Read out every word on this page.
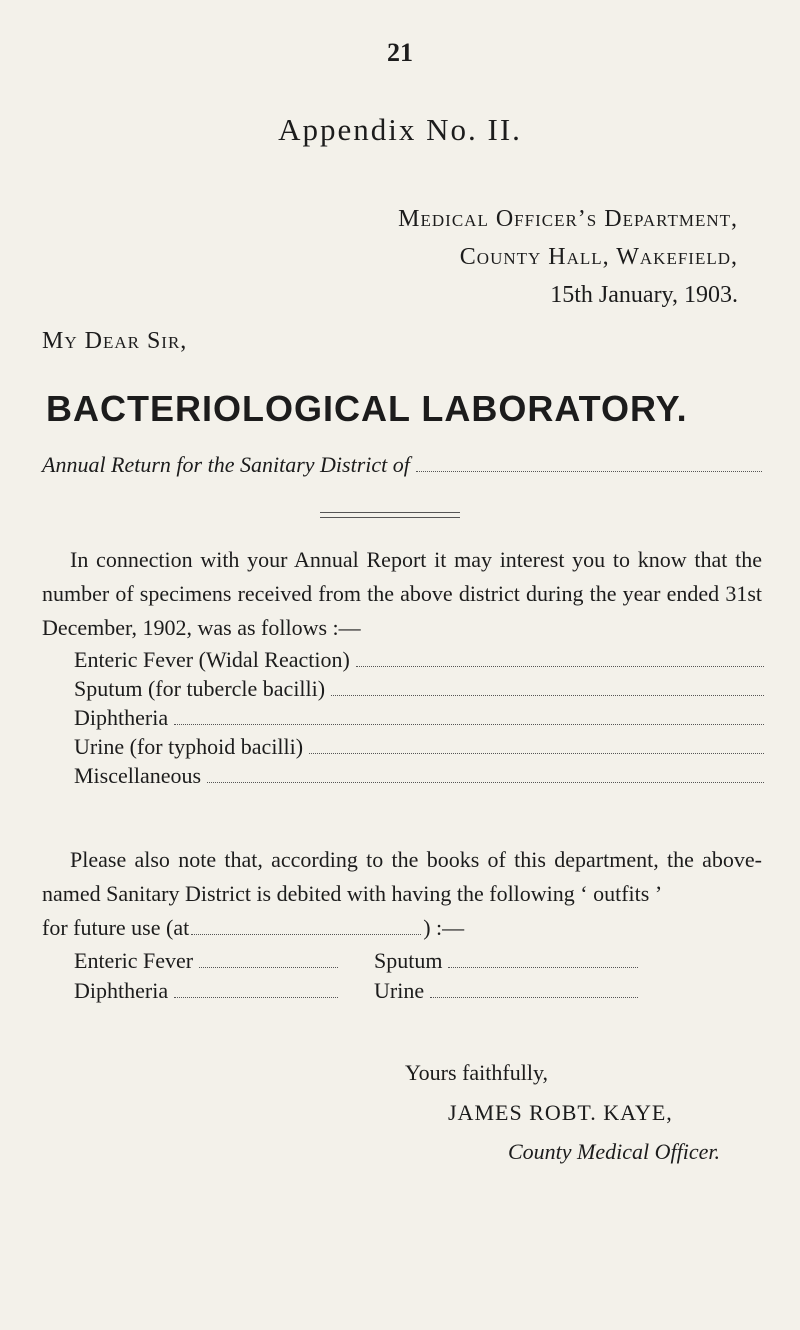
21
Appendix No. II.
Medical Officer’s Department,
County Hall, Wakefield,
15th January, 1903.
My Dear Sir,
BACTERIOLOGICAL LABORATORY.
Annual Return for the Sanitary District of
In connection with your Annual Report it may interest you to know that the number of specimens received from the above district during the year ended 31st December, 1902, was as follows :—
Enteric Fever (Widal Reaction)
Sputum (for tubercle bacilli)
Diphtheria
Urine (for typhoid bacilli)
Miscellaneous
Please also note that, according to the books of this department, the above-named Sanitary District is debited with having the following ‘ outfits ’
for future use (at	) :—
Enteric Fever	Sputum
Diphtheria	Urine
Yours faithfully,
JAMES ROBT. KAYE,
County Medical Officer.
